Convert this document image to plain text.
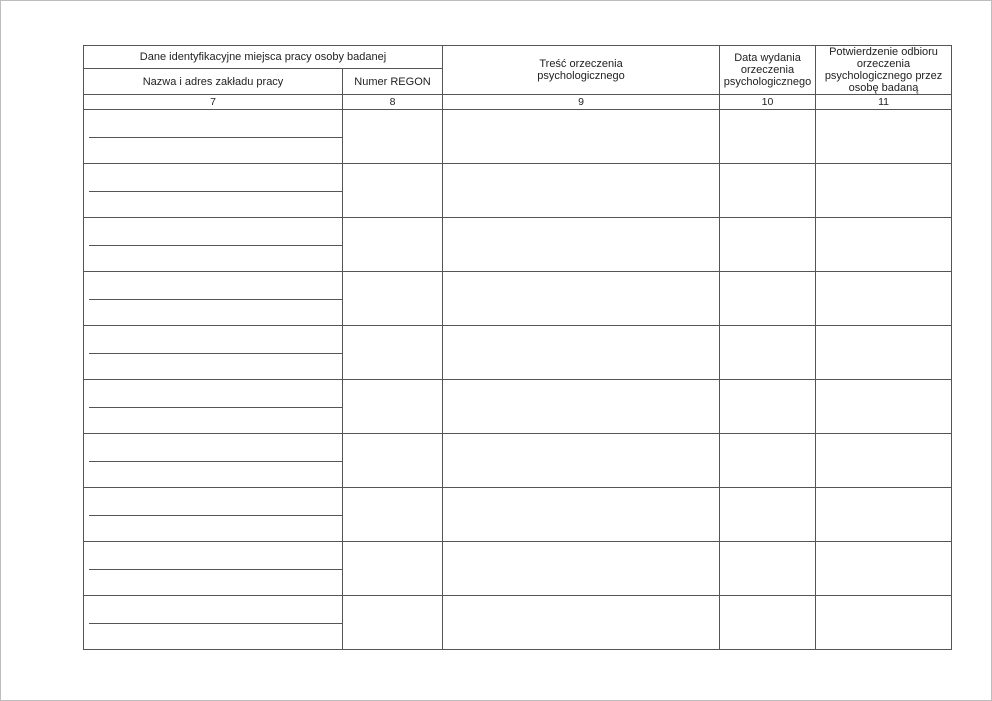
Dane identyfikacyjne miejsca pracy osoby badanej		Treść orzeczenia psychologicznego	Data wydania orzeczenia psychologicznego	Potwierdzenie odbioru orzeczenia psychologicznego przez osobę badaną
Nazwa i adres zakładu pracy	Numer REGON			
7	8	9	10	11
